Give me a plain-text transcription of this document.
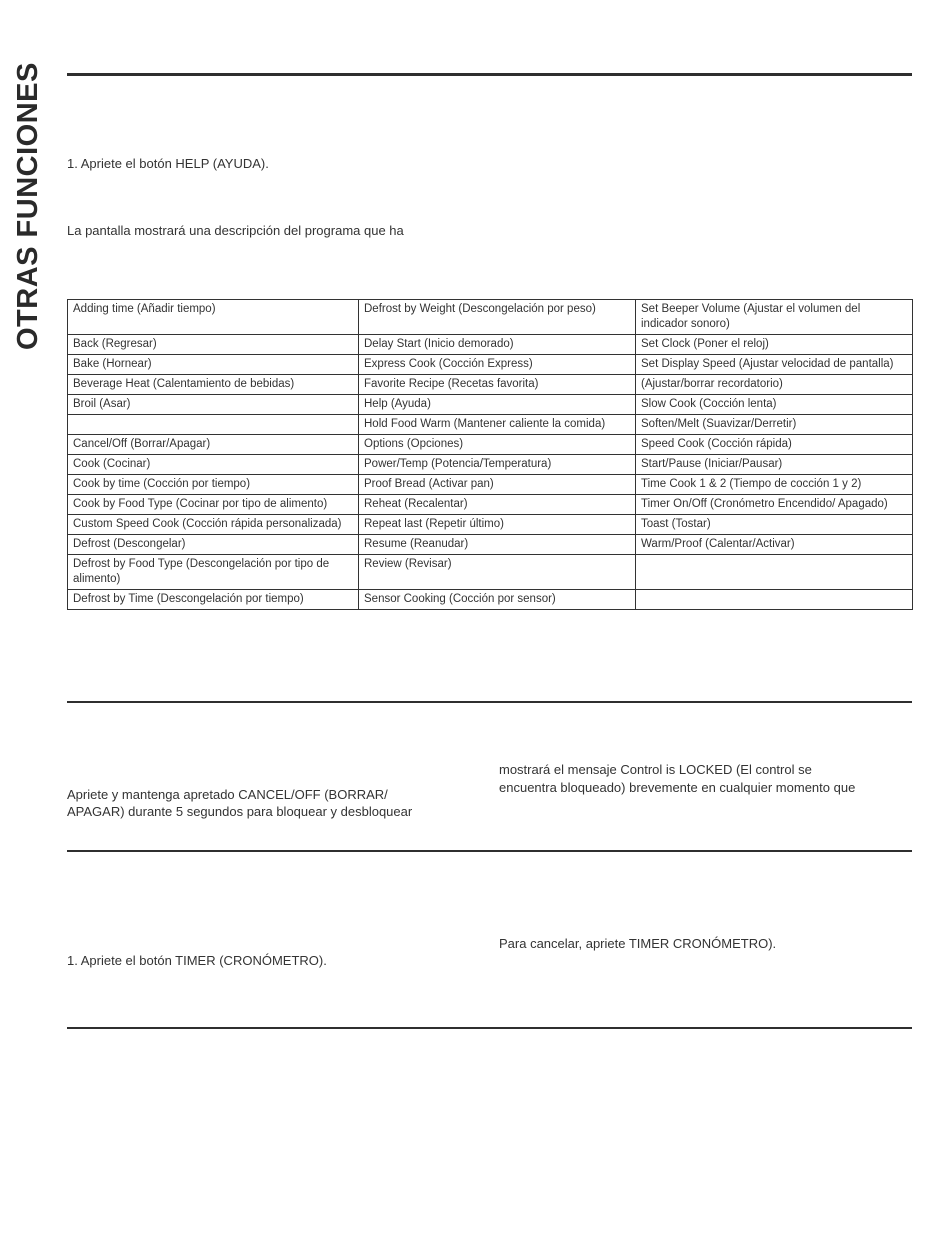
OTRAS FUNCIONES 1. Apriete el botón HELP (AYUDA).
La pantalla mostrará una descripción del programa que ha
Adding time (Añadir tiempo)	Defrost by Weight (Descongelación por peso)	Set Beeper Volume (Ajustar el volumen del indicador sonoro)
Back (Regresar)	Delay Start (Inicio demorado)	Set Clock (Poner el reloj)
Bake (Hornear)	Express Cook (Cocción Express)	Set Display Speed (Ajustar velocidad de pantalla)
Beverage Heat (Calentamiento de bebidas)	Favorite Recipe (Recetas favorita)	(Ajustar/borrar recordatorio)
Broil (Asar)	Help (Ayuda)	Slow Cook (Cocción lenta)
	Hold Food Warm (Mantener caliente la comida)	Soften/Melt (Suavizar/Derretir)
Cancel/Off (Borrar/Apagar)	Options (Opciones)	Speed Cook (Cocción rápida)
Cook (Cocinar)	Power/Temp (Potencia/Temperatura)	Start/Pause (Iniciar/Pausar)
Cook by time (Cocción por tiempo)	Proof Bread (Activar pan)	Time Cook 1 & 2 (Tiempo de cocción 1 y 2)
Cook by Food Type (Cocinar por tipo de alimento)	Reheat (Recalentar)	Timer On/Off (Cronómetro Encendido/ Apagado)
Custom Speed Cook (Cocción rápida personalizada)	Repeat last (Repetir último)	Toast (Tostar)
Defrost (Descongelar)	Resume (Reanudar)	Warm/Proof (Calentar/Activar)
Defrost by Food Type (Descongelación por tipo de alimento)	Review (Revisar)	
Defrost by Time (Descongelación por tiempo)	Sensor Cooking (Cocción por sensor)	
Apriete y mantenga apretado CANCEL/OFF (BORRAR/
APAGAR) durante 5 segundos para bloquear y desbloquear
mostrará el mensaje Control is LOCKED (El control se
encuentra bloqueado) brevemente en cualquier momento que
1. Apriete el botón TIMER (CRONÓMETRO).
Para cancelar, apriete TIMER CRONÓMETRO).
